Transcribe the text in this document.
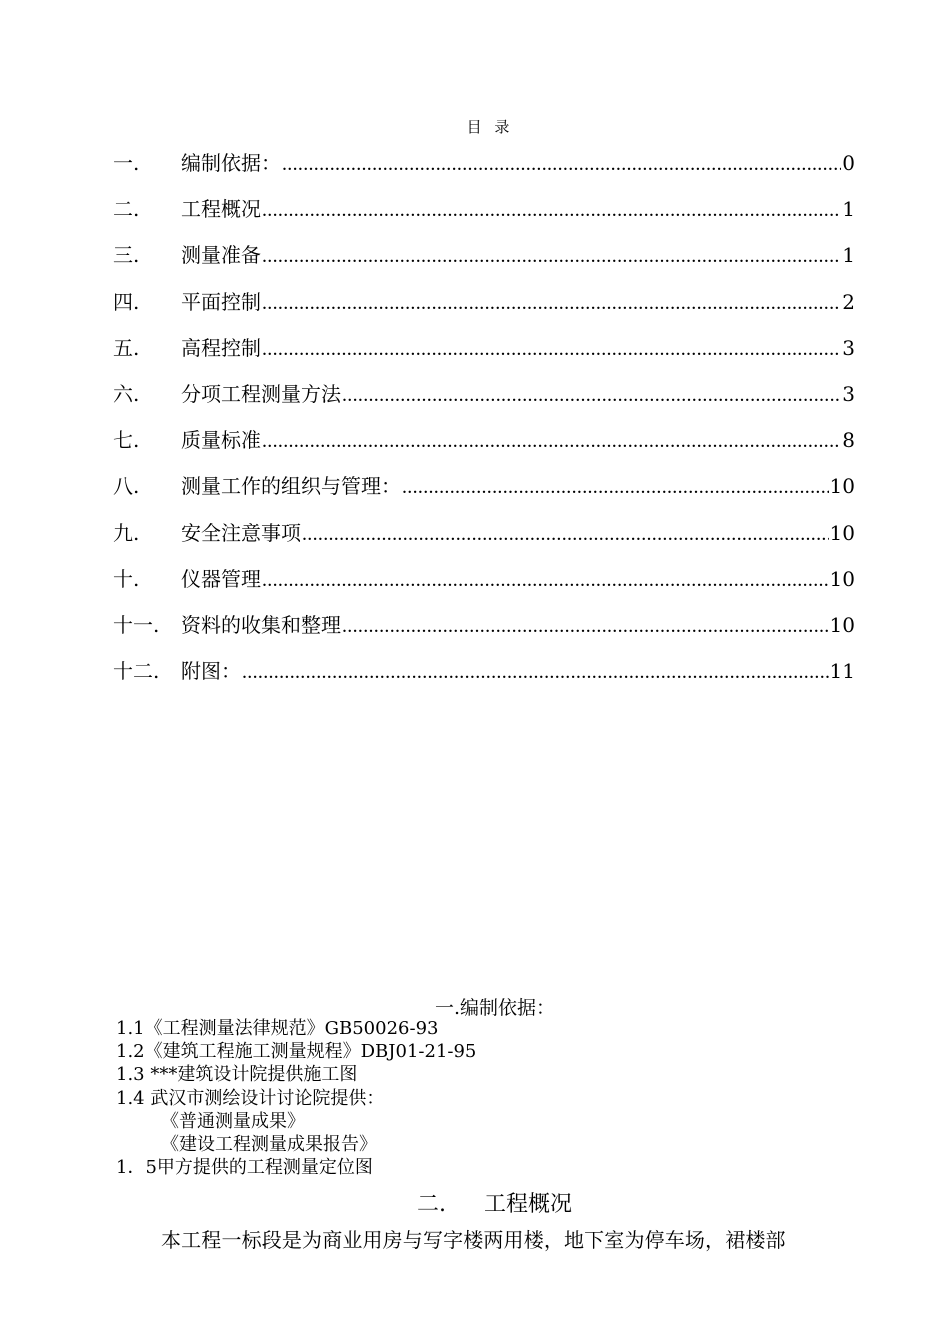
目 录
一.	编制依据： .....	0
二.	工程概况 .....	1
三.	测量准备 .....	1
四.	平面控制 .....	2
五.	高程控制 .....	3
六.	分项工程测量方法 .....	3
七.	质量标准 .....	8
八.	测量工作的组织与管理： .....	10
九.	安全注意事项 .....	10
十.	仪器管理 .....	10
十一.	资料的收集和整理 .....	10
十二.	附图： .....	11
一.编制依据：
1.1《工程测量法律规范》GB50026-93
1.2《建筑工程施工测量规程》DBJ01-21-95
1.3 ***建筑设计院提供施工图
1.4 武汉市测绘设计讨论院提供：
《普通测量成果》
《建设工程测量成果报告》
1．5甲方提供的工程测量定位图
二. 工程概况
本工程一标段是为商业用房与写字楼两用楼，地下室为停车场，裙楼部
